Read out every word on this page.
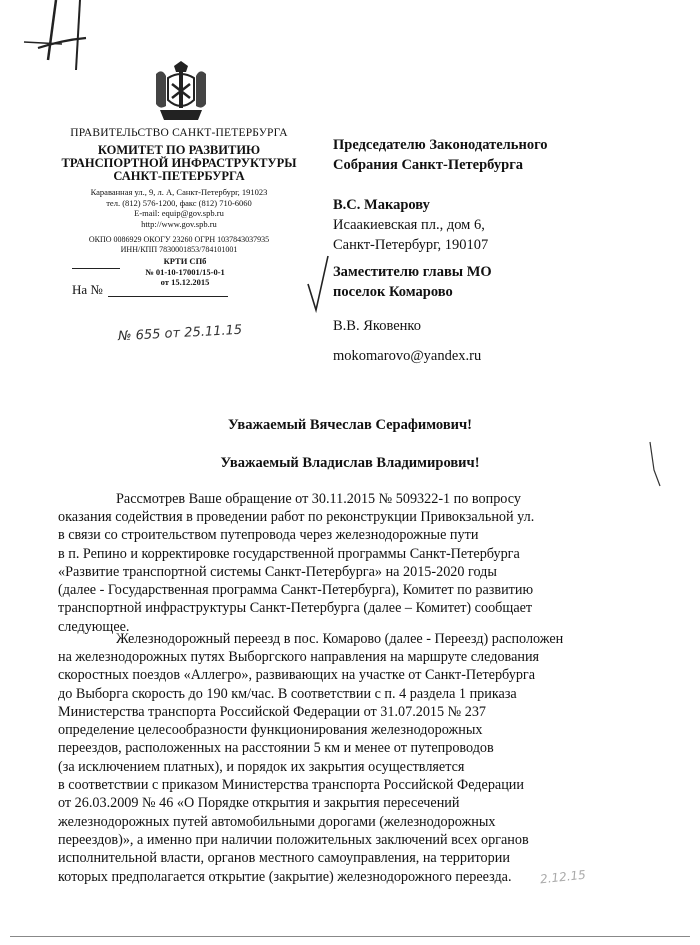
ПРАВИТЕЛЬСТВО САНКТ-ПЕТЕРБУРГА
КОМИТЕТ ПО РАЗВИТИЮ
ТРАНСПОРТНОЙ ИНФРАСТРУКТУРЫ
САНКТ-ПЕТЕРБУРГА
Караванная ул., 9, л. А, Санкт-Петербург, 191023
тел. (812) 576-1200, факс (812) 710-6060
E-mail: equip@gov.spb.ru
http://www.gov.spb.ru
ОКПО 0086929 ОКОГУ 23260 ОГРН 1037843037935
ИНН/КПП 7830001853/784101001
КРТИ СПб
№ 01-10-17001/15-0-1
от 15.12.2015
На №
№ 655 от 25.11.15
Председателю Законодательного
Собрания Санкт-Петербурга
В.С. Макарову
Исаакиевская пл., дом 6,
Санкт-Петербург, 190107
Заместителю главы МО
поселок Комарово
В.В. Яковенко
mokomarovo@yandex.ru
Уважаемый Вячеслав Серафимович!
Уважаемый Владислав Владимирович!
Рассмотрев Ваше обращение от 30.11.2015 № 509322-1 по вопросу
оказания содействия в проведении работ по реконструкции Привокзальной ул.
в связи со строительством путепровода через железнодорожные пути
в п. Репино и корректировке государственной программы Санкт-Петербурга
«Развитие транспортной системы Санкт-Петербурга» на 2015-2020 годы
(далее - Государственная программа Санкт-Петербурга), Комитет по развитию
транспортной инфраструктуры Санкт-Петербурга (далее – Комитет) сообщает
следующее.
Железнодорожный переезд в пос. Комарово (далее - Переезд) расположен
на железнодорожных путях Выборгского направления на маршруте следования
скоростных поездов «Аллегро», развивающих на участке от Санкт-Петербурга
до Выборга скорость до 190 км/час. В соответствии с п. 4 раздела 1 приказа
Министерства транспорта Российской Федерации от 31.07.2015 № 237
определение целесообразности функционирования железнодорожных
переездов, расположенных на расстоянии 5 км и менее от путепроводов
(за исключением платных), и порядок их закрытия осуществляется
в соответствии с приказом Министерства транспорта Российской Федерации
от 26.03.2009 № 46 «О Порядке открытия и закрытия пересечений
железнодорожных путей автомобильными дорогами (железнодорожных
переездов)», а именно при наличии положительных заключений всех органов
исполнительной власти, органов местного самоуправления, на территории
которых предполагается открытие (закрытие) железнодорожного переезда.	2.12.15
